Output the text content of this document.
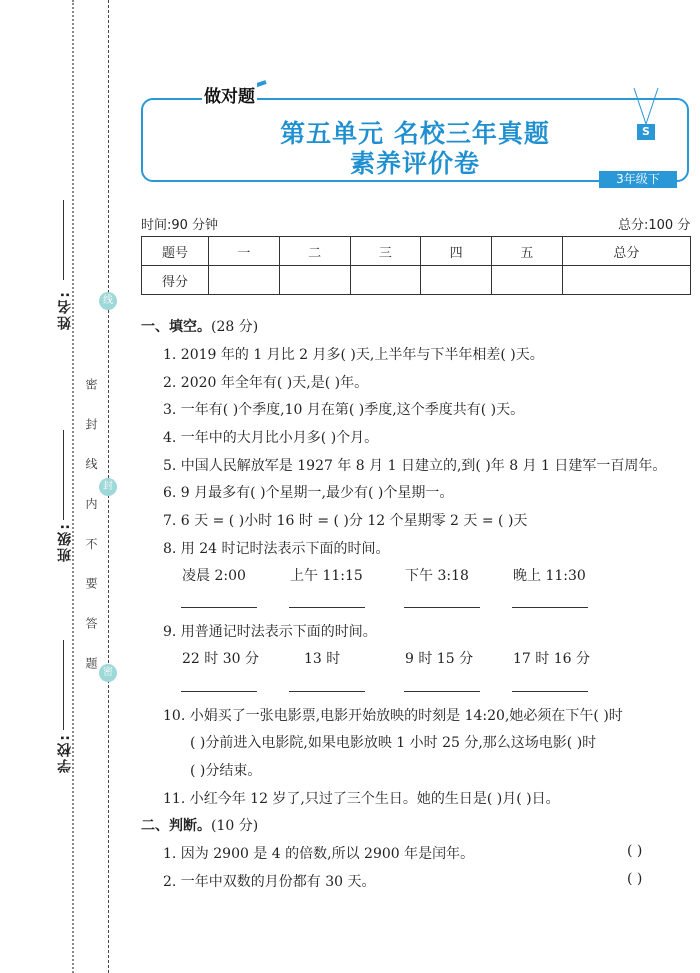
姓名:
班级:
学校:
密 封 线 内 不 要 答 题
线
封
密
第五单元 名校三年真题
素养评价卷
做对题
S
3年级下
时间:90 分钟	总分:100 分
题号	一	二	三	四	五	总分
得分						
一、填空。(28 分)
1. 2019 年的 1 月比 2 月多( )天,上半年与下半年相差( )天。
2. 2020 年全年有( )天,是( )年。
3. 一年有( )个季度,10 月在第( )季度,这个季度共有( )天。
4. 一年中的大月比小月多( )个月。
5. 中国人民解放军是 1927 年 8 月 1 日建立的,到( )年 8 月 1 日建军一百周年。
6. 9 月最多有( )个星期一,最少有( )个星期一。
7. 6 天 = ( )小时 16 时 = ( )分 12 个星期零 2 天 = ( )天
8. 用 24 时记时法表示下面的时间。
凌晨 2:00	上午 11:15	下午 3:18	晚上 11:30
9. 用普通记时法表示下面的时间。
22 时 30 分	13 时	9 时 15 分	17 时 16 分
10. 小娟买了一张电影票,电影开始放映的时刻是 14:20,她必须在下午( )时
( )分前进入电影院,如果电影放映 1 小时 25 分,那么这场电影( )时
( )分结束。
11. 小红今年 12 岁了,只过了三个生日。她的生日是( )月( )日。
二、判断。(10 分)
1. 因为 2900 是 4 的倍数,所以 2900 年是闰年。	( )
2. 一年中双数的月份都有 30 天。	( )
